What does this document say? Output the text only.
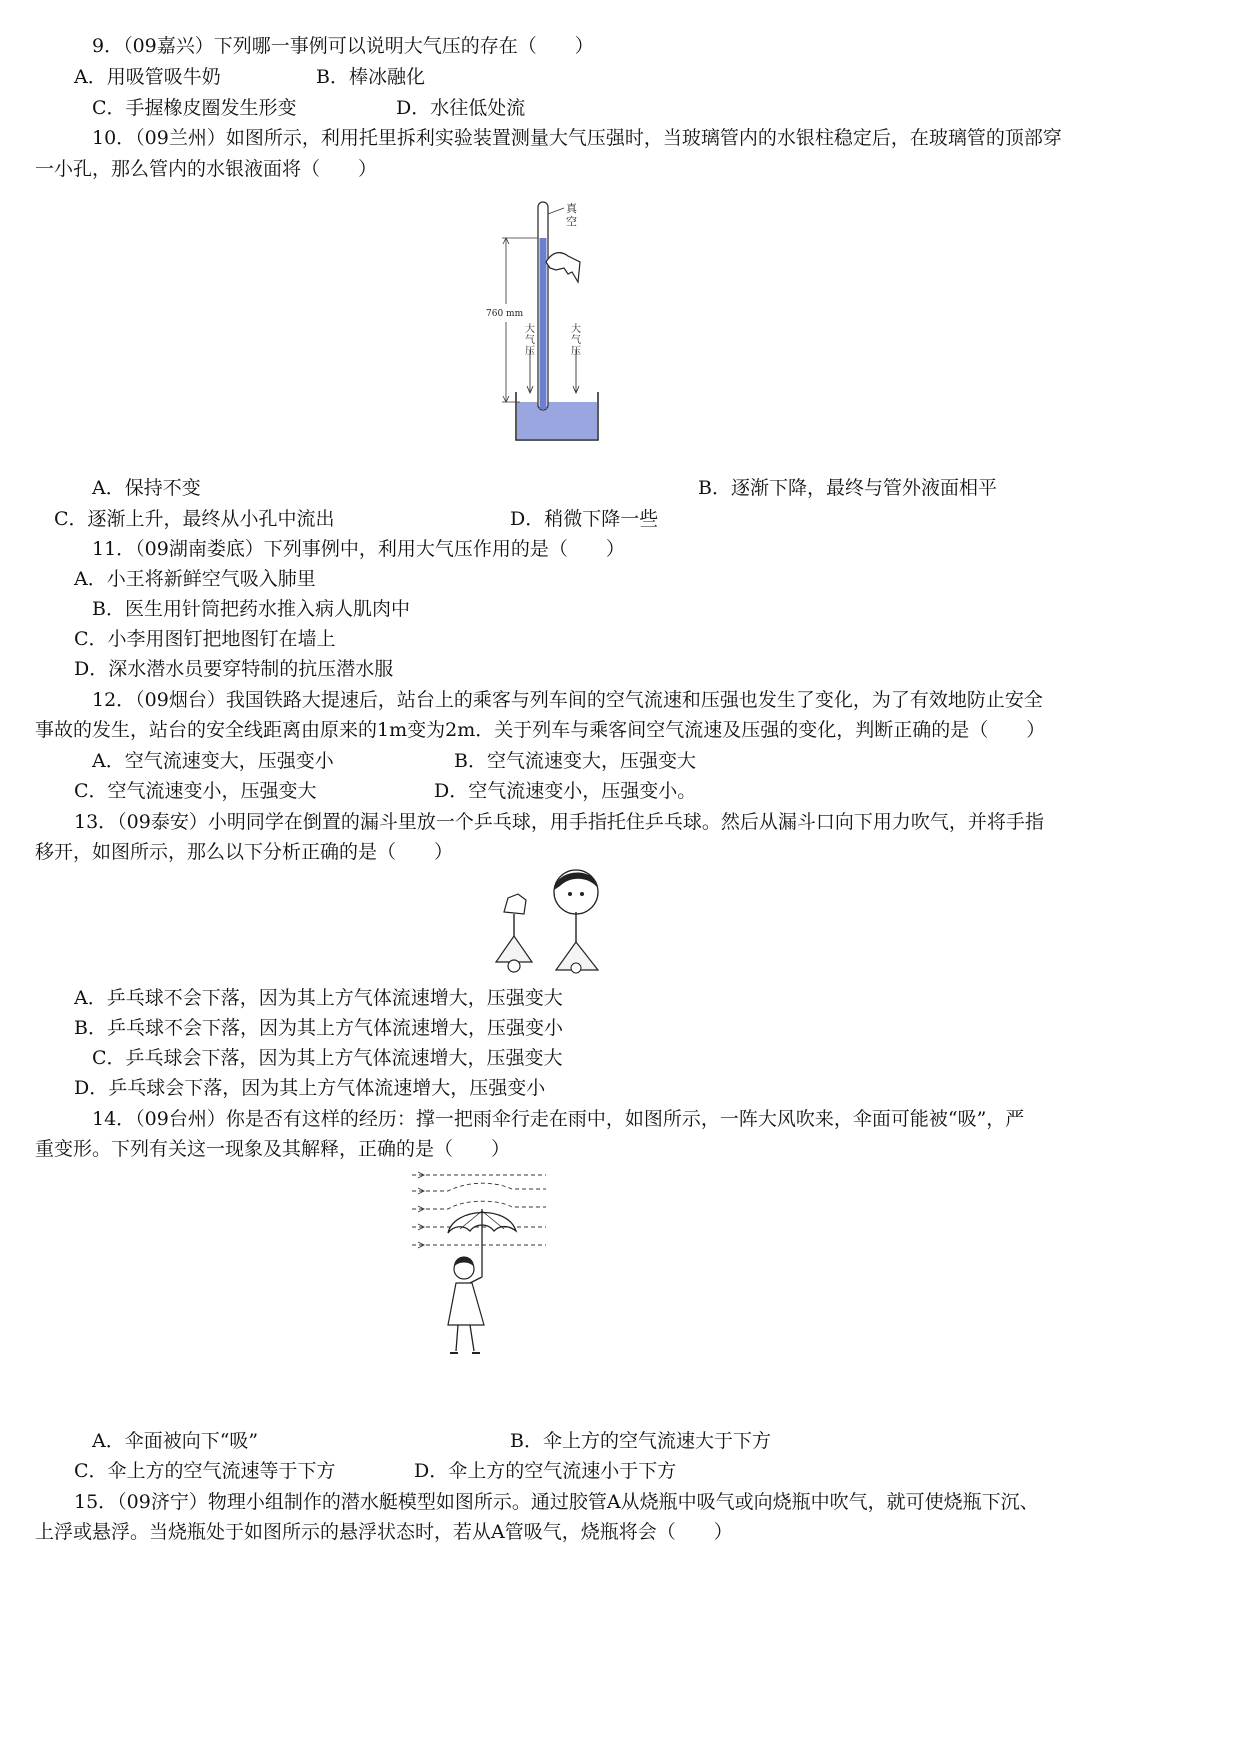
9．（09嘉兴）下列哪一事例可以说明大气压的存在（　　）
A．用吸管吸牛奶	B．棒冰融化
C．手握橡皮圈发生形变	D．水往低处流
10．（09兰州）如图所示，利用托里拆利实验装置测量大气压强时，当玻璃管内的水银柱稳定后，在玻璃管的顶部穿
一小孔，那么管内的水银液面将（　　）
真
空
760 mm
大气压
大气压
A．保持不变	B．逐渐下降，最终与管外液面相平
C．逐渐上升，最终从小孔中流出	D．稍微下降一些
11．（09湖南娄底）下列事例中，利用大气压作用的是（　　）
A．小王将新鲜空气吸入肺里
B．医生用针筒把药水推入病人肌肉中
C．小李用图钉把地图钉在墙上
D．深水潜水员要穿特制的抗压潜水服
12．（09烟台）我国铁路大提速后，站台上的乘客与列车间的空气流速和压强也发生了变化，为了有效地防止安全
事故的发生，站台的安全线距离由原来的1m变为2m．关于列车与乘客间空气流速及压强的变化，判断正确的是（　　）
A．空气流速变大，压强变小	B．空气流速变大，压强变大
C．空气流速变小，压强变大	D．空气流速变小，压强变小。
13．（09泰安）小明同学在倒置的漏斗里放一个乒乓球，用手指托住乒乓球。然后从漏斗口向下用力吹气，并将手指
移开，如图所示，那么以下分析正确的是（　　）
A．乒乓球不会下落，因为其上方气体流速增大，压强变大
B．乒乓球不会下落，因为其上方气体流速增大，压强变小
C．乒乓球会下落，因为其上方气体流速增大，压强变大
D．乒乓球会下落，因为其上方气体流速增大，压强变小
14．（09台州）你是否有这样的经历：撑一把雨伞行走在雨中，如图所示，一阵大风吹来，伞面可能被“吸”，严
重变形。下列有关这一现象及其解释，正确的是（　　）
A．伞面被向下“吸”	B．伞上方的空气流速大于下方
C．伞上方的空气流速等于下方	D．伞上方的空气流速小于下方
15．（09济宁）物理小组制作的潜水艇模型如图所示。通过胶管A从烧瓶中吸气或向烧瓶中吹气，就可使烧瓶下沉、
上浮或悬浮。当烧瓶处于如图所示的悬浮状态时，若从A管吸气，烧瓶将会（　　）
